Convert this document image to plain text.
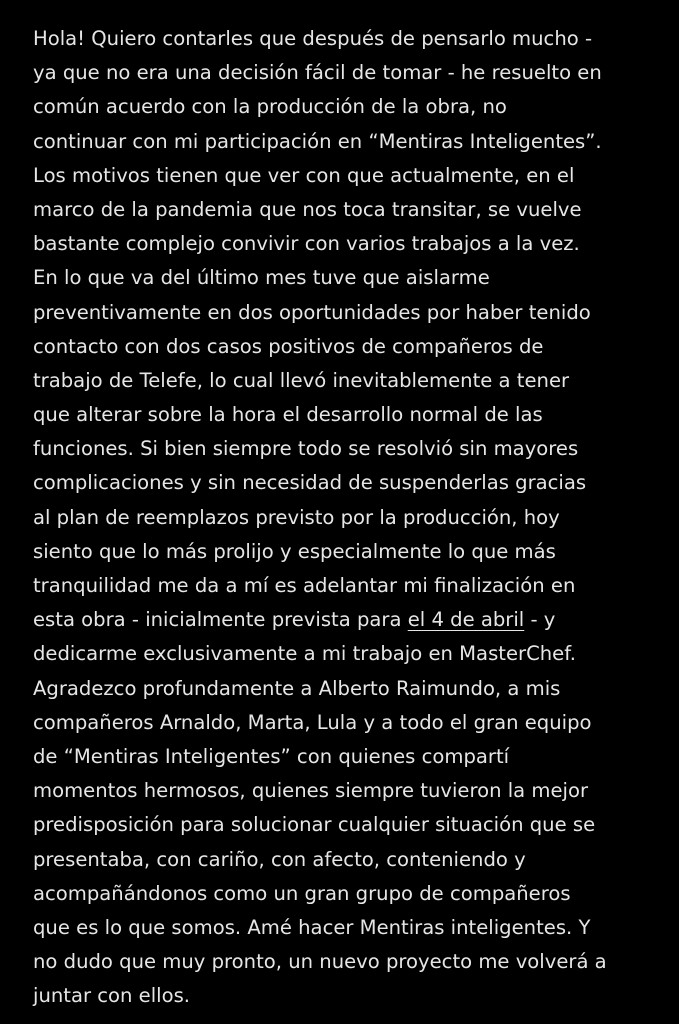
Hola! Quiero contarles que después de pensarlo mucho -
ya que no era una decisión fácil de tomar - he resuelto en
común acuerdo con la producción de la obra, no
continuar con mi participación en “Mentiras Inteligentes”.
Los motivos tienen que ver con que actualmente, en el
marco de la pandemia que nos toca transitar, se vuelve
bastante complejo convivir con varios trabajos a la vez.
En lo que va del último mes tuve que aislarme
preventivamente en dos oportunidades por haber tenido
contacto con dos casos positivos de compañeros de
trabajo de Telefe, lo cual llevó inevitablemente a tener
que alterar sobre la hora el desarrollo normal de las
funciones. Si bien siempre todo se resolvió sin mayores
complicaciones y sin necesidad de suspenderlas gracias
al plan de reemplazos previsto por la producción, hoy
siento que lo más prolijo y especialmente lo que más
tranquilidad me da a mí es adelantar mi finalización en
esta obra - inicialmente prevista para el 4 de abril - y
dedicarme exclusivamente a mi trabajo en MasterChef.
Agradezco profundamente a Alberto Raimundo, a mis
compañeros Arnaldo, Marta, Lula y a todo el gran equipo
de “Mentiras Inteligentes” con quienes compartí
momentos hermosos, quienes siempre tuvieron la mejor
predisposición para solucionar cualquier situación que se
presentaba, con cariño, con afecto, conteniendo y
acompañándonos como un gran grupo de compañeros
que es lo que somos. Amé hacer Mentiras inteligentes. Y
no dudo que muy pronto, un nuevo proyecto me volverá a
juntar con ellos.
